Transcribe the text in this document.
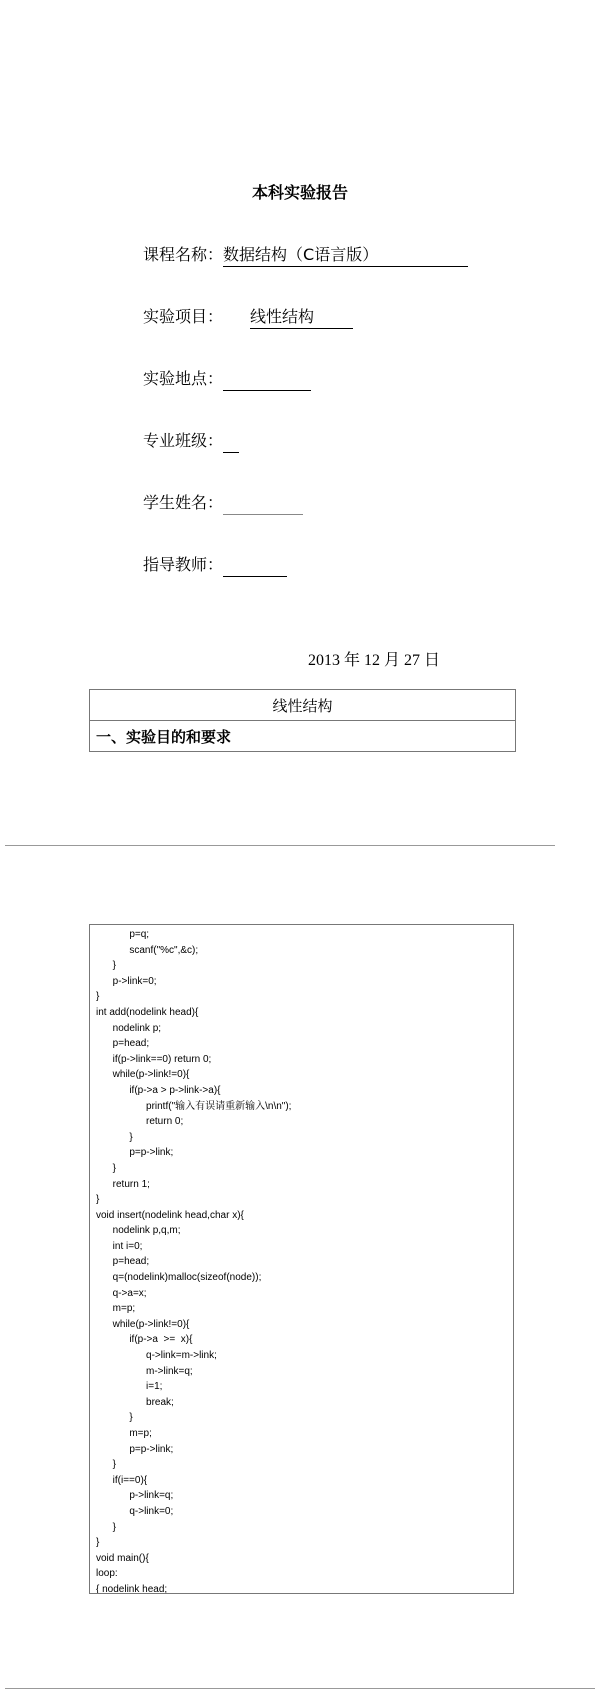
本科实验报告
课程名称：数据结构（C语言版）
实验项目：线性结构
实验地点：
专业班级：
学生姓名：
指导教师：
2013 年 12 月 27 日
线性结构
一、实验目的和要求
p=q;
scanf("%c",&c);
}
p->link=0;
}
int add(nodelink head){
nodelink p;
p=head;
if(p->link==0) return 0;
while(p->link!=0){
if(p->a > p->link->a){
printf("输入有误请重新输入\n\n");
return 0;
}
p=p->link;
}
return 1;
}
void insert(nodelink head,char x){
nodelink p,q,m;
int i=0;
p=head;
q=(nodelink)malloc(sizeof(node));
q->a=x;
m=p;
while(p->link!=0){
if(p->a  >=  x){
q->link=m->link;
m->link=q;
i=1;
break;
}
m=p;
p=p->link;
}
if(i==0){
p->link=q;
q->link=0;
}
}
void main(){
loop:
{ nodelink head;
